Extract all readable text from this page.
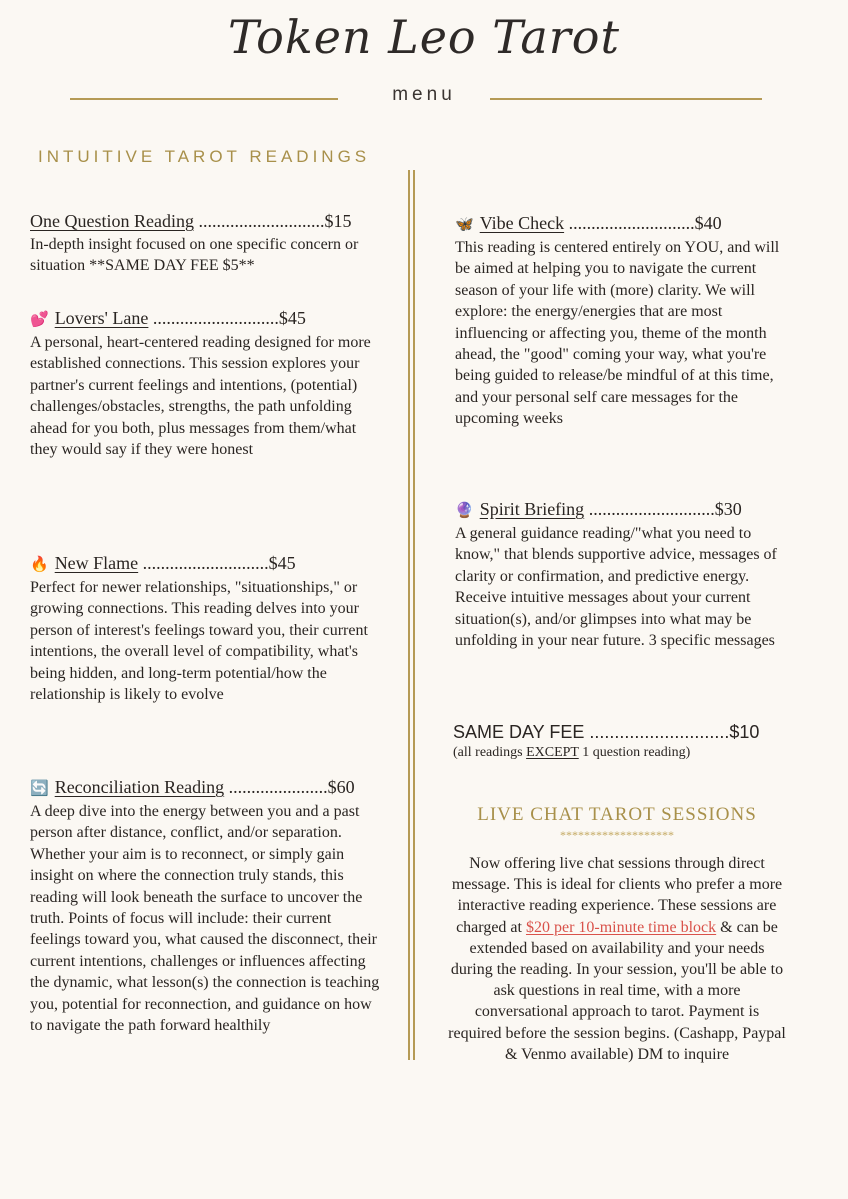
Token Leo Tarot
menu
INTUITIVE TAROT READINGS
One Question Reading ............................$15
In-depth insight focused on one specific concern or situation **SAME DAY FEE $5**
💕 Lovers' Lane ............................$45
A personal, heart-centered reading designed for more established connections. This session explores your partner's current feelings and intentions, (potential) challenges/obstacles, strengths, the path unfolding ahead for you both, plus messages from them/what they would say if they were honest
🔥 New Flame ............................$45
Perfect for newer relationships, "situationships," or growing connections. This reading delves into your person of interest's feelings toward you, their current intentions, the overall level of compatibility, what's being hidden, and long-term potential/how the relationship is likely to evolve
🔄 Reconciliation Reading ......................$60
A deep dive into the energy between you and a past person after distance, conflict, and/or separation. Whether your aim is to reconnect, or simply gain insight on where the connection truly stands, this reading will look beneath the surface to uncover the truth. Points of focus will include: their current feelings toward you, what caused the disconnect, their current intentions, challenges or influences affecting the dynamic, what lesson(s) the connection is teaching you, potential for reconnection, and guidance on how to navigate the path forward healthily
🦋 Vibe Check ............................$40
This reading is centered entirely on YOU, and will be aimed at helping you to navigate the current season of your life with (more) clarity. We will explore: the energy/energies that are most influencing or affecting you, theme of the month ahead, the "good" coming your way, what you're being guided to release/be mindful of at this time, and your personal self care messages for the upcoming weeks
🔮 Spirit Briefing ............................$30
A general guidance reading/"what you need to know," that blends supportive advice, messages of clarity or confirmation, and predictive energy. Receive intuitive messages about your current situation(s), and/or glimpses into what may be unfolding in your near future. 3 specific messages
SAME DAY FEE ............................$10
(all readings EXCEPT 1 question reading)
LIVE CHAT TAROT SESSIONS
*******************
Now offering live chat sessions through direct message. This is ideal for clients who prefer a more interactive reading experience. These sessions are charged at $20 per 10-minute time block & can be extended based on availability and your needs during the reading. In your session, you'll be able to ask questions in real time, with a more conversational approach to tarot. Payment is required before the session begins. (Cashapp, Paypal & Venmo available) DM to inquire
